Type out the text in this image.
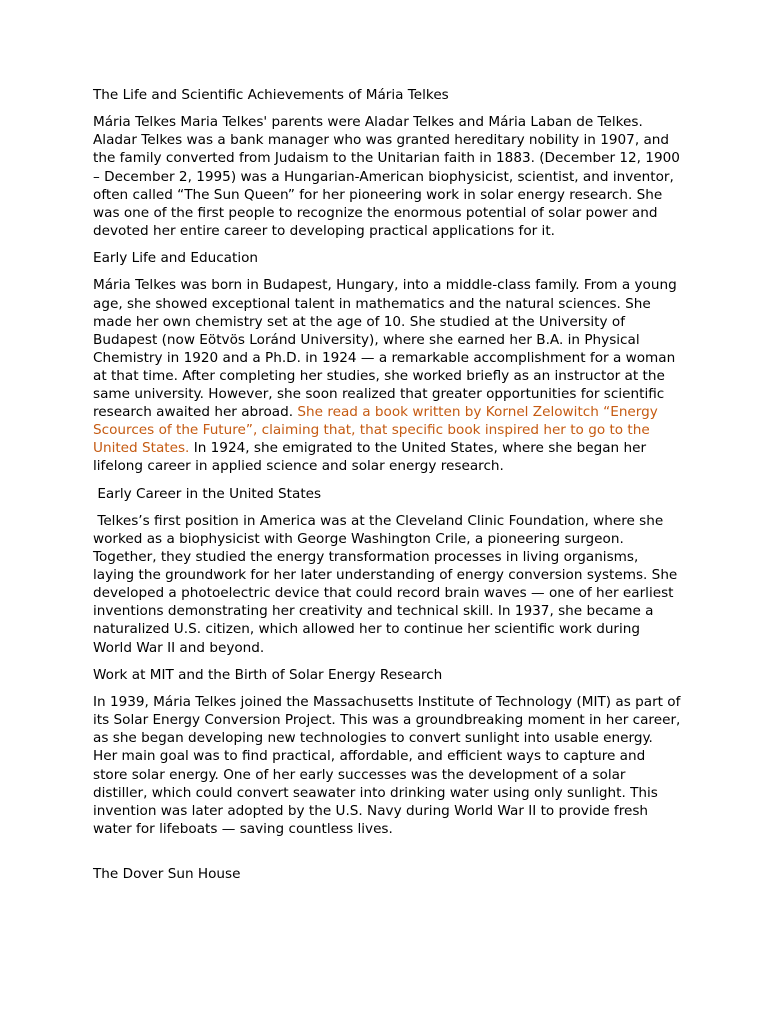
The Life and Scientific Achievements of Mária Telkes

Mária Telkes Maria Telkes' parents were Aladar Telkes and Mária Laban de Telkes. Aladar Telkes was a bank manager who was granted hereditary nobility in 1907, and the family converted from Judaism to the Unitarian faith in 1883. (December 12, 1900 – December 2, 1995) was a Hungarian-American biophysicist, scientist, and inventor, often called “The Sun Queen” for her pioneering work in solar energy research. She was one of the first people to recognize the enormous potential of solar power and devoted her entire career to developing practical applications for it.

Early Life and Education

Mária Telkes was born in Budapest, Hungary, into a middle-class family. From a young age, she showed exceptional talent in mathematics and the natural sciences. She made her own chemistry set at the age of 10. She studied at the University of Budapest (now Eötvös Loránd University), where she earned her B.A. in Physical Chemistry in 1920 and a Ph.D. in 1924 — a remarkable accomplishment for a woman at that time. After completing her studies, she worked briefly as an instructor at the same university. However, she soon realized that greater opportunities for scientific research awaited her abroad. She read a book written by Kornel Zelowitch “Energy Scources of the Future”, claiming that, that specific book inspired her to go to the United States. In 1924, she emigrated to the United States, where she began her lifelong career in applied science and solar energy research.

Early Career in the United States

Telkes’s first position in America was at the Cleveland Clinic Foundation, where she worked as a biophysicist with George Washington Crile, a pioneering surgeon. Together, they studied the energy transformation processes in living organisms, laying the groundwork for her later understanding of energy conversion systems. She developed a photoelectric device that could record brain waves — one of her earliest inventions demonstrating her creativity and technical skill. In 1937, she became a naturalized U.S. citizen, which allowed her to continue her scientific work during World War II and beyond.

Work at MIT and the Birth of Solar Energy Research

In 1939, Mária Telkes joined the Massachusetts Institute of Technology (MIT) as part of its Solar Energy Conversion Project. This was a groundbreaking moment in her career, as she began developing new technologies to convert sunlight into usable energy. Her main goal was to find practical, affordable, and efficient ways to capture and store solar energy. One of her early successes was the development of a solar distiller, which could convert seawater into drinking water using only sunlight. This invention was later adopted by the U.S. Navy during World War II to provide fresh water for lifeboats — saving countless lives.

The Dover Sun House
